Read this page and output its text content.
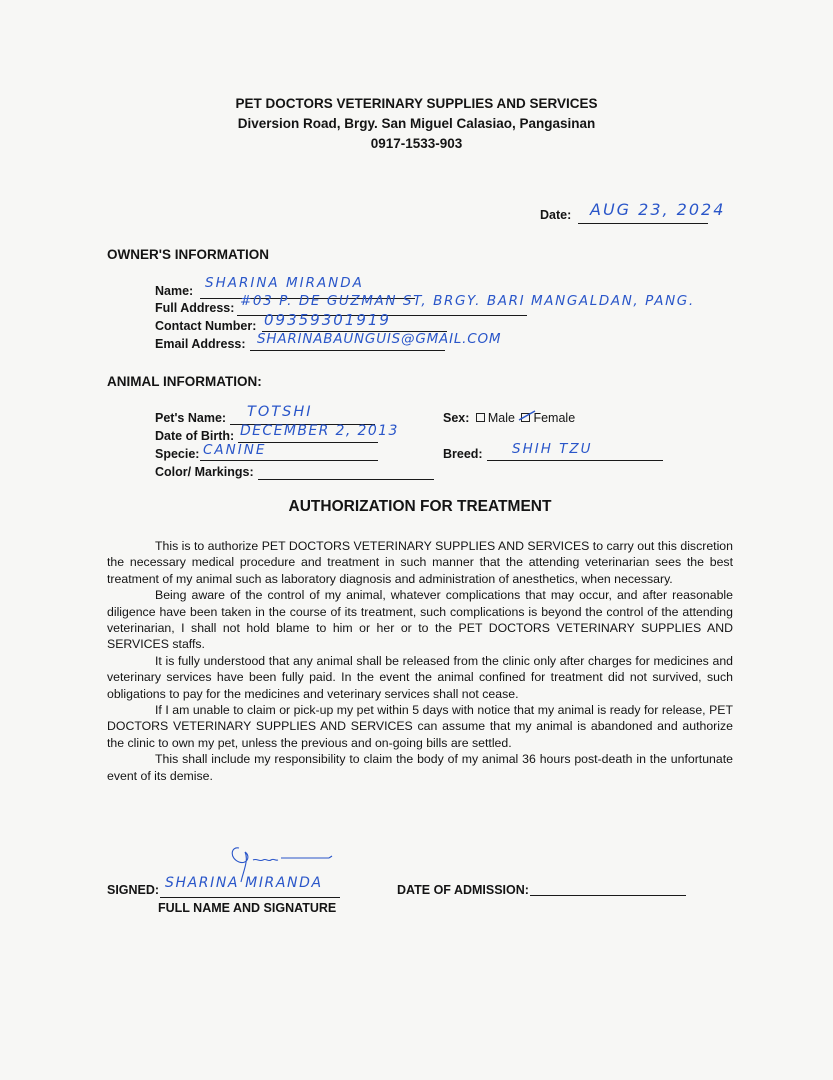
PET DOCTORS VETERINARY SUPPLIES AND SERVICES
Diversion Road, Brgy. San Miguel Calasiao, Pangasinan
0917-1533-903
Date: AUG 23, 2024
OWNER'S INFORMATION
Name: SHARINA MIRANDA
Full Address: #03 P. DE GUZMAN ST, BRGY. BARI MANGALDAN, PANG.
Contact Number: 09359301919
Email Address: SHARINABAUNGUIS@GMAIL.COM
ANIMAL INFORMATION:
Pet's Name: TOTSHI
Date of Birth: DECEMBER 2, 2013
Specie: CANINE
Color/ Markings:
Sex: Male Female
Breed: SHIH TZU
AUTHORIZATION FOR TREATMENT

This is to authorize PET DOCTORS VETERINARY SUPPLIES AND SERVICES to carry out this discretion the necessary medical procedure and treatment in such manner that the attending veterinarian sees the best treatment of my animal such as laboratory diagnosis and administration of anesthetics, when necessary.

Being aware of the control of my animal, whatever complications that may occur, and after reasonable diligence have been taken in the course of its treatment, such complications is beyond the control of the attending veterinarian, I shall not hold blame to him or her or to the PET DOCTORS VETERINARY SUPPLIES AND SERVICES staffs.

It is fully understood that any animal shall be released from the clinic only after charges for medicines and veterinary services have been fully paid. In the event the animal confined for treatment did not survived, such obligations to pay for the medicines and veterinary services shall not cease.

If I am unable to claim or pick-up my pet within 5 days with notice that my animal is ready for release, PET DOCTORS VETERINARY SUPPLIES AND SERVICES can assume that my animal is abandoned and authorize the clinic to own my pet, unless the previous and on-going bills are settled.

This shall include my responsibility to claim the body of my animal 36 hours post-death in the unfortunate event of its demise.

SIGNED: SHARINA MIRANDA
FULL NAME AND SIGNATURE
DATE OF ADMISSION:
